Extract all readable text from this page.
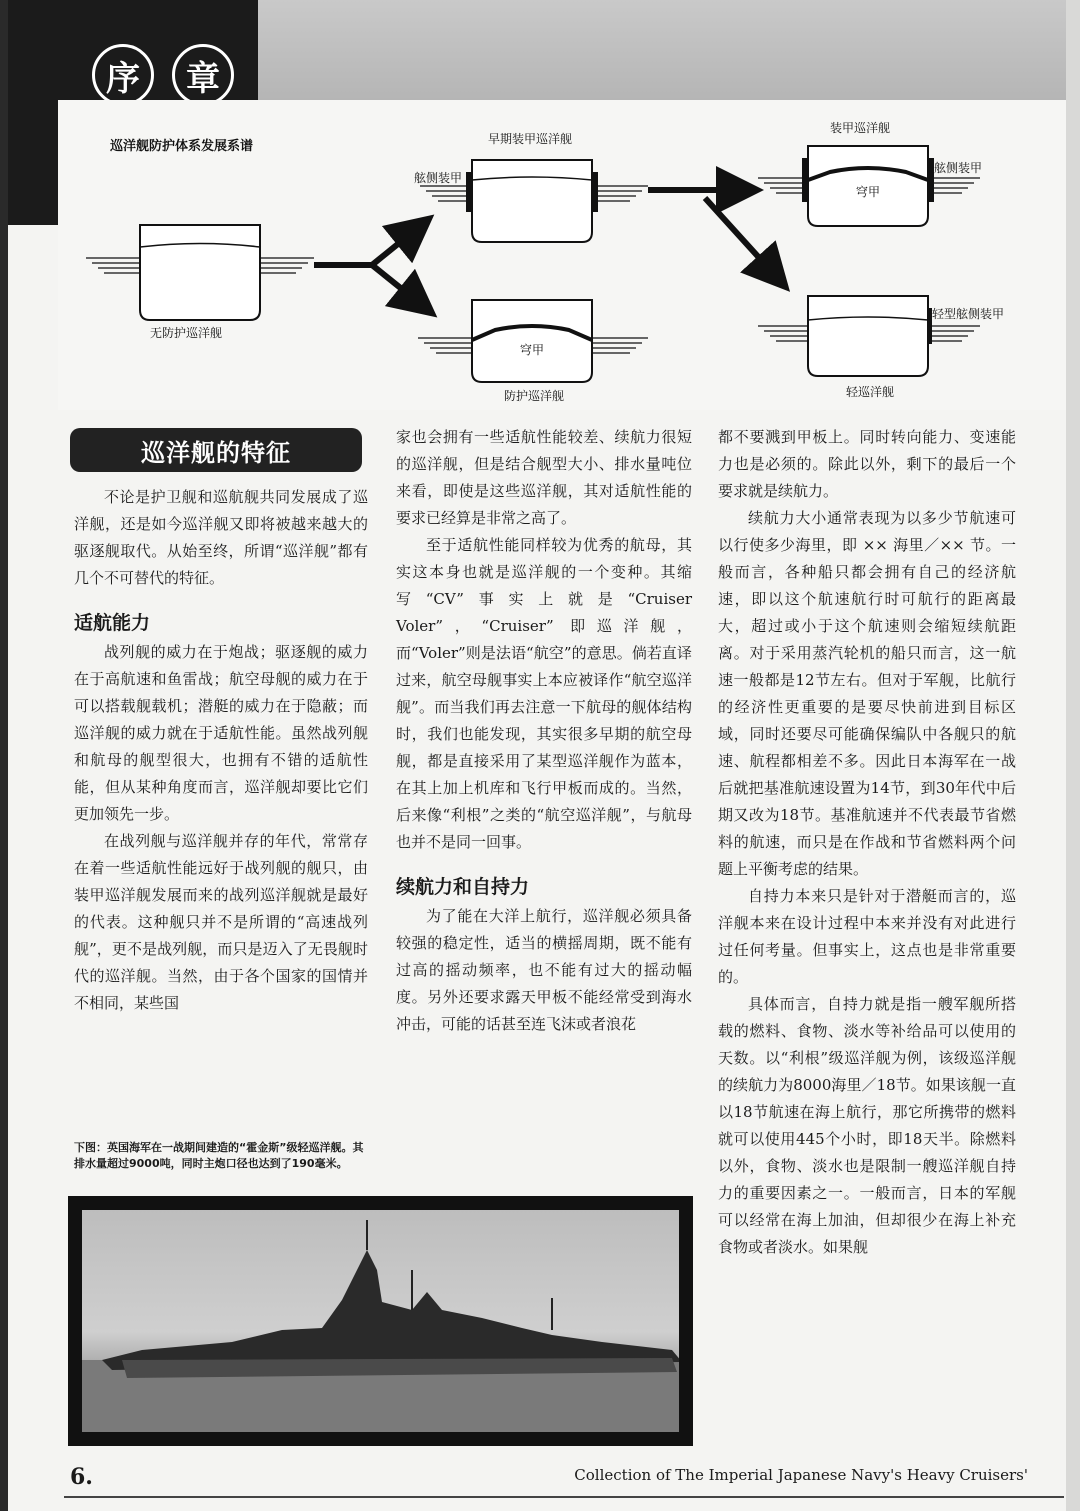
序	章
巡洋舰防护体系发展系谱
无防护巡洋舰
早期装甲巡洋舰
舷侧装甲
穹甲
防护巡洋舰
装甲巡洋舰
舷侧装甲
穹甲
轻型舷侧装甲
轻巡洋舰
巡洋舰的特征

不论是护卫舰和巡航舰共同发展成了巡洋舰，还是如今巡洋舰又即将被越来越大的驱逐舰取代。从始至终，所谓“巡洋舰”都有几个不可替代的特征。

适航能力

战列舰的威力在于炮战；驱逐舰的威力在于高航速和鱼雷战；航空母舰的威力在于可以搭载舰载机；潜艇的威力在于隐蔽；而巡洋舰的威力就在于适航性能。虽然战列舰和航母的舰型很大，也拥有不错的适航性能，但从某种角度而言，巡洋舰却要比它们更加领先一步。

在战列舰与巡洋舰并存的年代，常常存在着一些适航性能远好于战列舰的舰只，由装甲巡洋舰发展而来的战列巡洋舰就是最好的代表。这种舰只并不是所谓的“高速战列舰”，更不是战列舰，而只是迈入了无畏舰时代的巡洋舰。当然，由于各个国家的国情并不相同，某些国

家也会拥有一些适航性能较差、续航力很短的巡洋舰，但是结合舰型大小、排水量吨位来看，即使是这些巡洋舰，其对适航性能的要求已经算是非常之高了。

至于适航性能同样较为优秀的航母，其实这本身也就是巡洋舰的一个变种。其缩写“CV”事实上就是“Cruiser Voler”，“Cruiser” 即巡洋舰，而“Voler”则是法语“航空”的意思。倘若直译过来，航空母舰事实上本应被译作“航空巡洋舰”。而当我们再去注意一下航母的舰体结构时，我们也能发现，其实很多早期的航空母舰，都是直接采用了某型巡洋舰作为蓝本，在其上加上机库和飞行甲板而成的。当然，后来像“利根”之类的“航空巡洋舰”，与航母也并不是同一回事。

续航力和自持力

为了能在大洋上航行，巡洋舰必须具备较强的稳定性，适当的横摇周期，既不能有过高的摇动频率，也不能有过大的摇动幅度。另外还要求露天甲板不能经常受到海水冲击，可能的话甚至连飞沫或者浪花

都不要溅到甲板上。同时转向能力、变速能力也是必须的。除此以外，剩下的最后一个要求就是续航力。

续航力大小通常表现为以多少节航速可以行使多少海里，即 ×× 海里／×× 节。一般而言，各种船只都会拥有自己的经济航速，即以这个航速航行时可航行的距离最大，超过或小于这个航速则会缩短续航距离。对于采用蒸汽轮机的船只而言，这一航速一般都是12节左右。但对于军舰，比航行的经济性更重要的是要尽快前进到目标区域，同时还要尽可能确保编队中各舰只的航速、航程都相差不多。因此日本海军在一战后就把基准航速设置为14节，到30年代中后期又改为18节。基准航速并不代表最节省燃料的航速，而只是在作战和节省燃料两个问题上平衡考虑的结果。

自持力本来只是针对于潜艇而言的，巡洋舰本来在设计过程中本来并没有对此进行过任何考量。但事实上，这点也是非常重要的。

具体而言，自持力就是指一艘军舰所搭载的燃料、食物、淡水等补给品可以使用的天数。以“利根”级巡洋舰为例，该级巡洋舰的续航力为8000海里／18节。如果该舰一直以18节航速在海上航行，那它所携带的燃料就可以使用445个小时，即18天半。除燃料以外，食物、淡水也是限制一艘巡洋舰自持力的重要因素之一。一般而言，日本的军舰可以经常在海上加油，但却很少在海上补充食物或者淡水。如果舰

下图：英国海军在一战期间建造的“霍金斯”级轻巡洋舰。其排水量超过9000吨，同时主炮口径也达到了190毫米。
6.	Collection of The Imperial Japanese Navy's Heavy Cruisers'
